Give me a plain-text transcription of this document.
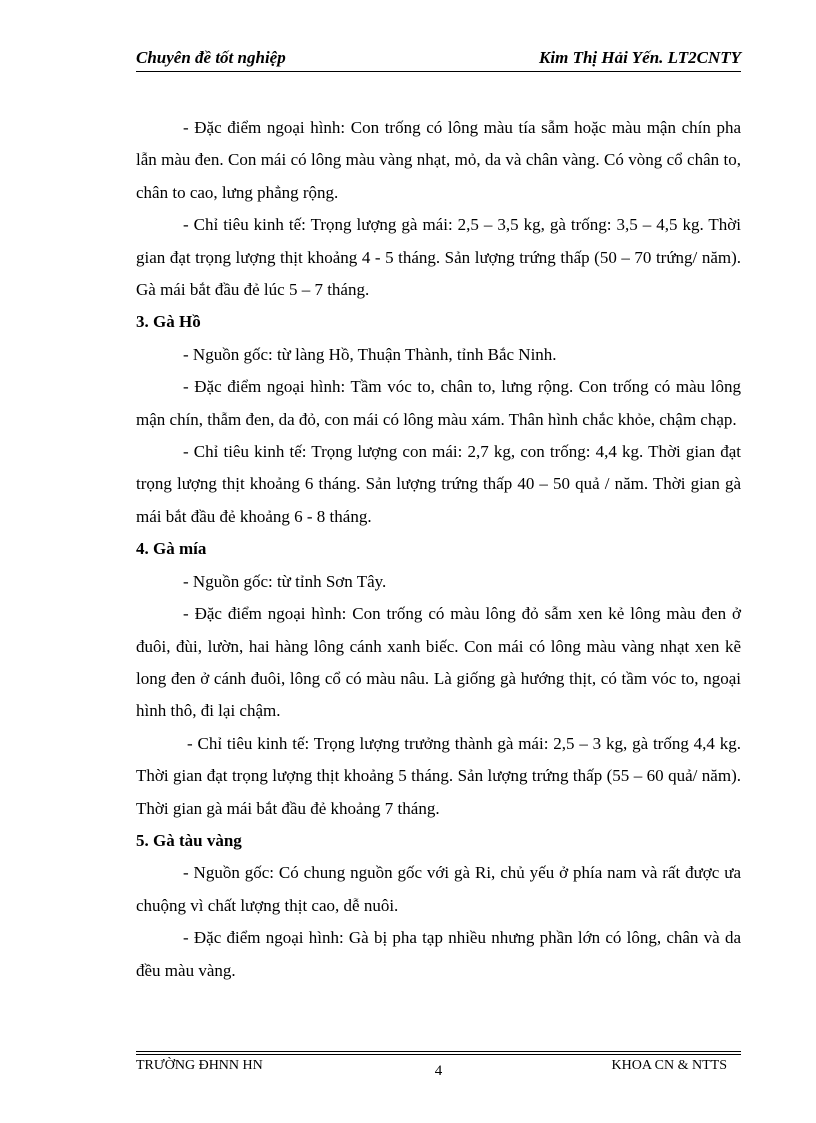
Chuyên đề tốt nghiệp	Kim Thị Hải Yến. LT2CNTY

- Đặc điểm ngoại hình: Con trống có lông màu tía sẫm hoặc màu mận chín pha lẫn màu đen. Con mái có lông màu vàng nhạt, mỏ, da và chân vàng. Có vòng cổ chân to, chân to cao, lưng phẳng rộng.

- Chỉ tiêu kinh tế: Trọng lượng gà mái: 2,5 – 3,5 kg, gà trống: 3,5 – 4,5 kg. Thời gian đạt trọng lượng thịt khoảng 4 - 5 tháng. Sản lượng trứng thấp (50 – 70 trứng/ năm). Gà mái bắt đầu đẻ lúc 5 – 7 tháng.

3. Gà Hồ

- Nguồn gốc: từ làng Hồ, Thuận Thành, tỉnh Bắc Ninh.

- Đặc điểm ngoại hình: Tầm vóc to, chân to, lưng rộng. Con trống có màu lông mận chín, thẫm đen, da đỏ, con mái có lông màu xám. Thân hình chắc khỏe, chậm chạp.

- Chỉ tiêu kinh tế: Trọng lượng con mái: 2,7 kg, con trống: 4,4 kg. Thời gian đạt trọng lượng thịt khoảng 6 tháng. Sản lượng trứng thấp 40 – 50 quả / năm. Thời gian gà mái bắt đầu đẻ khoảng 6 - 8 tháng.

4. Gà mía

- Nguồn gốc: từ tỉnh Sơn Tây.

- Đặc điểm ngoại hình: Con trống có màu lông đỏ sẫm xen kẻ lông màu đen ở đuôi, đùi, lườn, hai hàng lông cánh xanh biếc. Con mái có lông màu vàng nhạt xen kẽ long đen ở cánh đuôi, lông cổ có màu nâu. Là giống gà hướng thịt, có tầm vóc to, ngoại hình thô, đi lại chậm.

- Chỉ tiêu kinh tế: Trọng lượng trưởng thành gà mái: 2,5 – 3 kg, gà trống 4,4 kg. Thời gian đạt trọng lượng thịt khoảng 5 tháng. Sản lượng trứng thấp (55 – 60 quả/ năm). Thời gian gà mái bắt đầu đẻ khoảng 7 tháng.

5. Gà tàu vàng

- Nguồn gốc: Có chung nguồn gốc với gà Ri, chủ yếu ở phía nam và rất được ưa chuộng vì chất lượng thịt cao, dễ nuôi.

- Đặc điểm ngoại hình: Gà bị pha tạp nhiều nhưng phần lớn có lông, chân và da đều màu vàng.

TRƯỜNG ĐHNN HN	4	KHOA CN & NTTS
